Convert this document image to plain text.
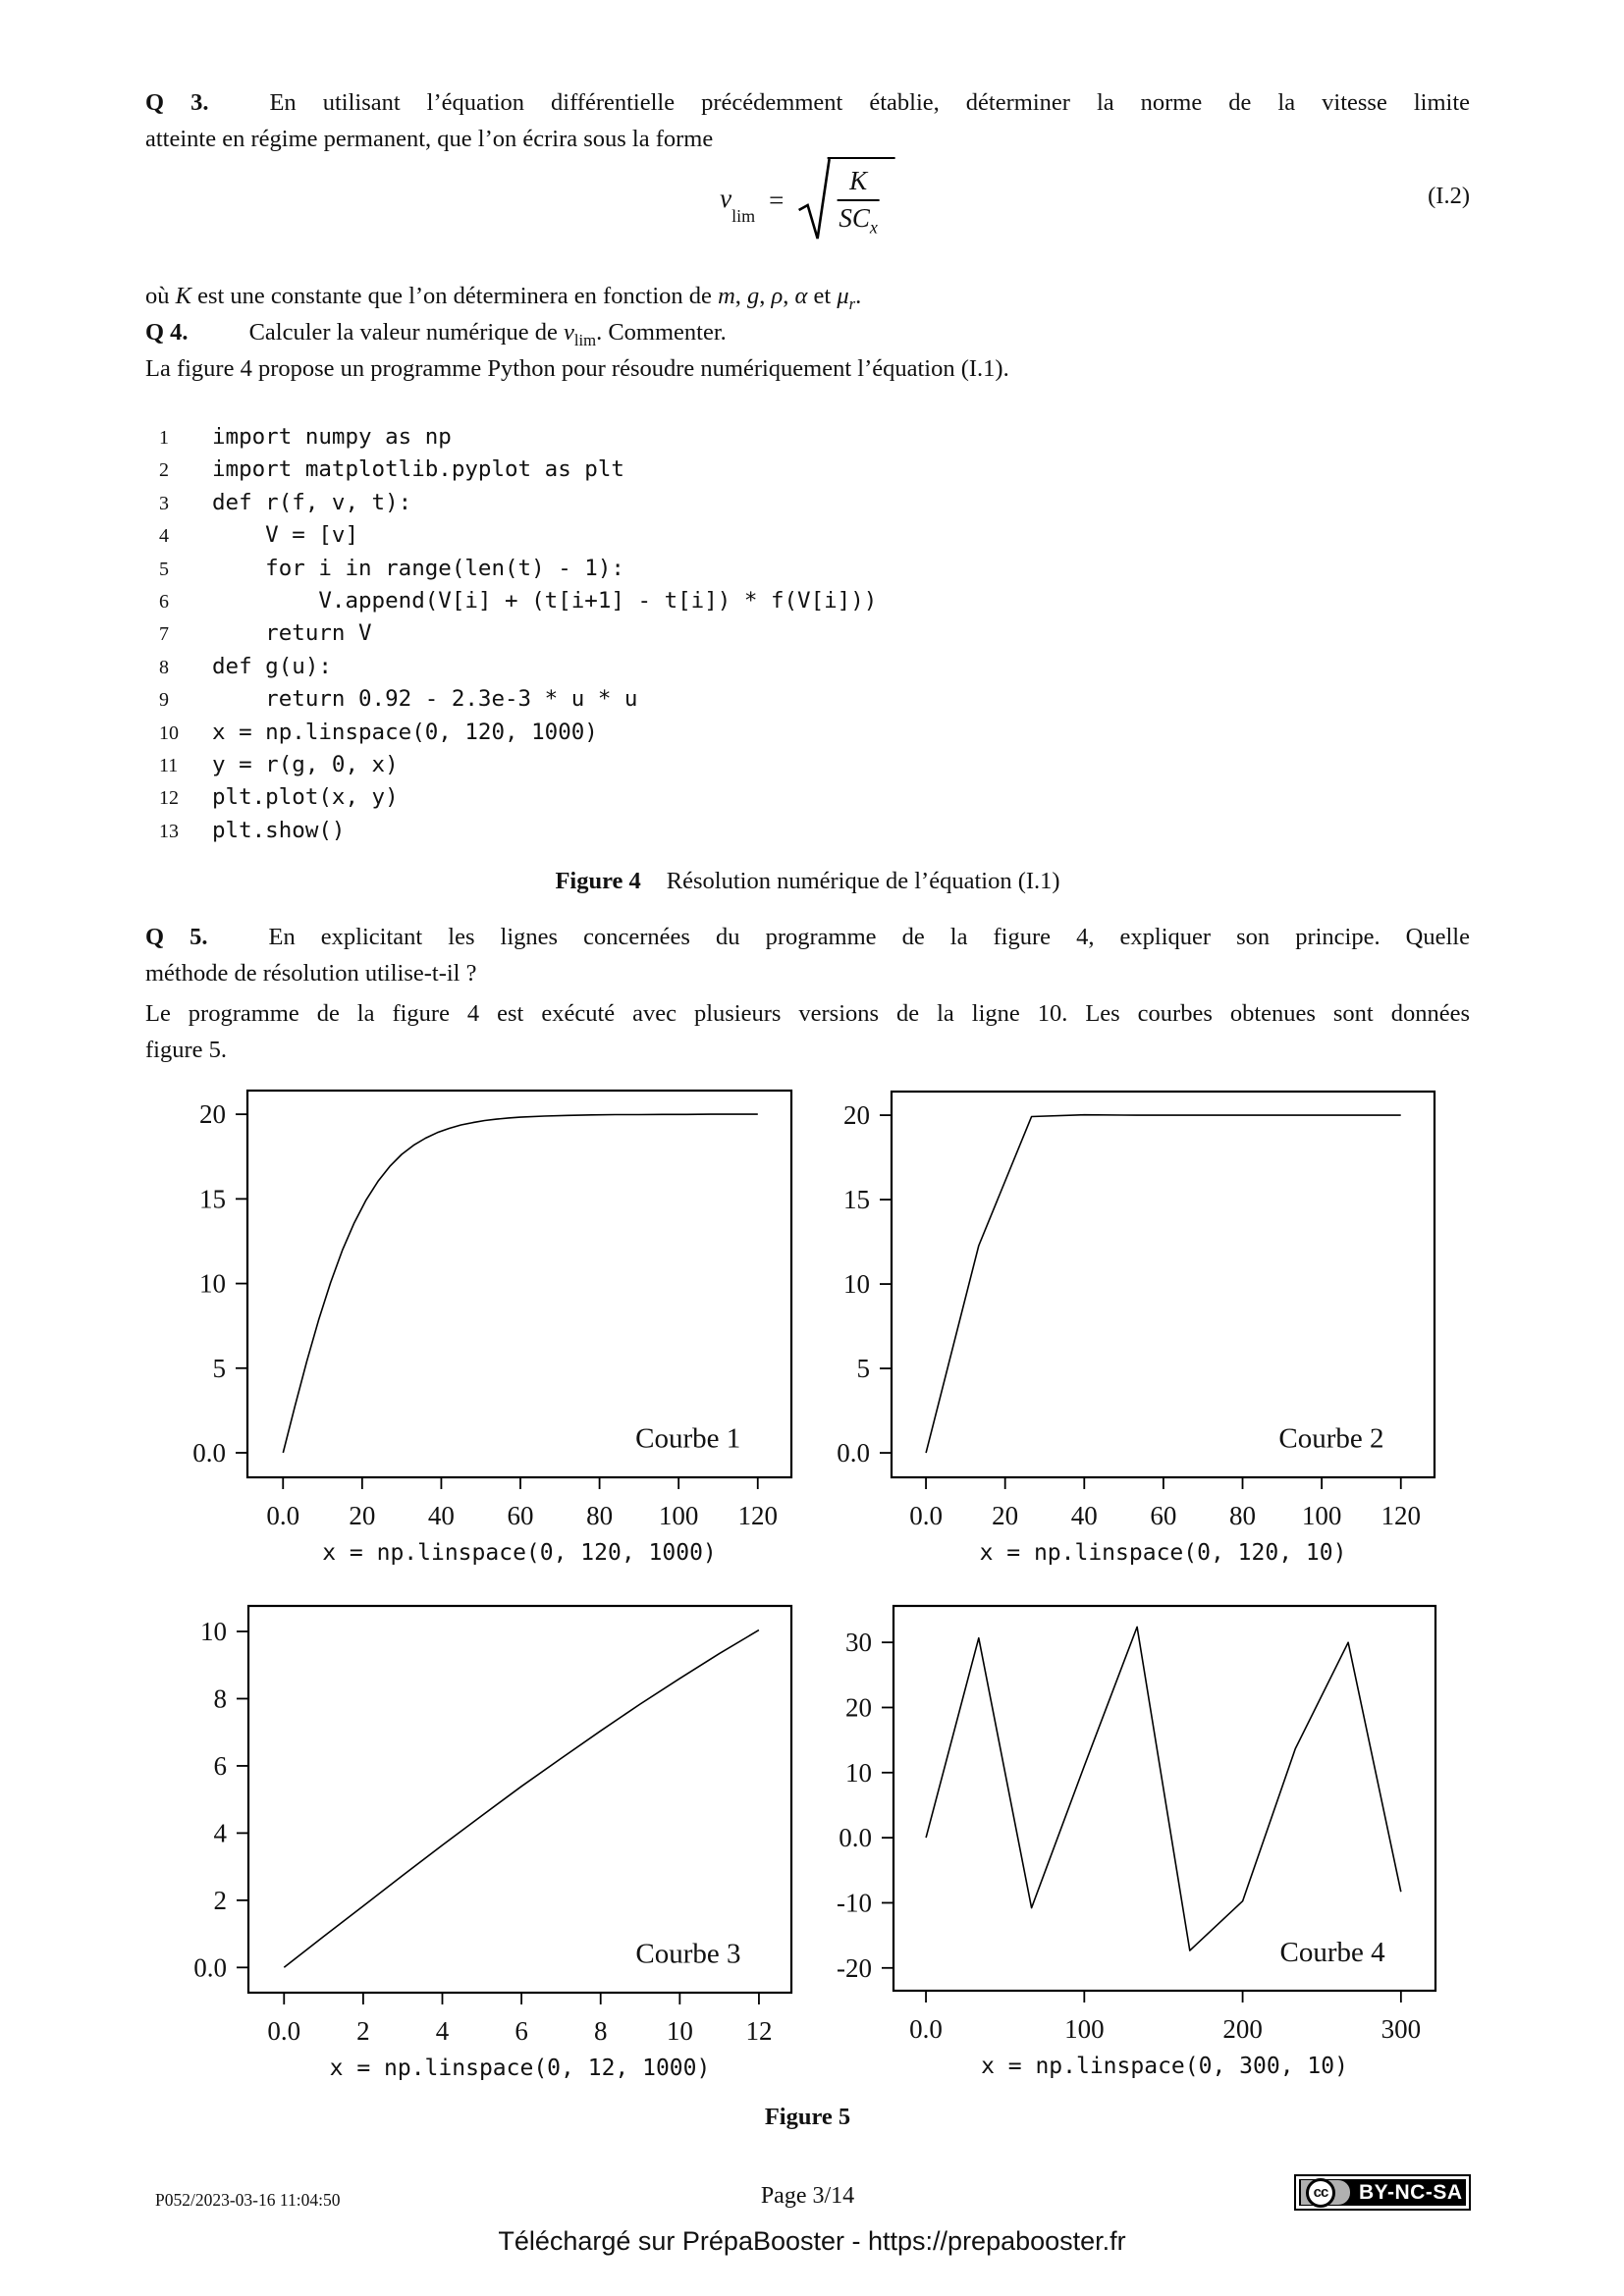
Q 3.	En utilisant l’équation différentielle précédemment établie, déterminer la norme de la vitesse limite
atteinte en régime permanent, que l’on écrira sous la forme
vlim
= $\frac{K}{SC_x}$	(I.2)
où K est une constante que l’on déterminera en fonction de m, g, ρ, α et $\mu_r$.
Q 4.	Calculer la valeur numérique de $v_{lim}$. Commenter.
La figure 4 propose un programme Python pour résoudre numériquement l’équation (I.1).
1	import numpy as np
2	import matplotlib.pyplot as plt
3	def r(f, v, t):
4	V = [v]
5	for i in range(len(t) - 1):
6	V.append(V[i] + (t[i+1] - t[i]) * f(V[i]))
7	return V
8	def g(u):
9	return 0.92 - 2.3e-3 * u * u
10	x = np.linspace(0, 120, 1000)
11	y = r(g, 0, x)
12	plt.plot(x, y)
13	plt.show()
Figure 4 Résolution numérique de l’équation (I.1)
Q 5.	En explicitant les lignes concernées du programme de la figure 4, expliquer son principe. Quelle
méthode de résolution utilise-t-il ?
Le programme de la figure 4 est exécuté avec plusieurs versions de la ligne 10. Les courbes obtenues sont données
figure 5.
0.0 20 40 60 80 100 120
0.0
5
10
15
20
Courbe 1
x = np.linspace(0, 120, 1000)
0.0 20 40 60 80 100 120
0.0
5
10
15
20
Courbe 2
x = np.linspace(0, 120, 10)
0.0 2 4 6 8 10 12
0.0
2
4
6
8
10
Courbe 3
x = np.linspace(0, 12, 1000)
0.0	100	200	300
-20
-10
0.0
10
20
30
Courbe 4
x = np.linspace(0, 300, 10)
Figure 5
P052/2023-03-16 11:04:50	Page 3/14	cc BY-NC-SA
Téléchargé sur PrépaBooster - https://prepabooster.fr
